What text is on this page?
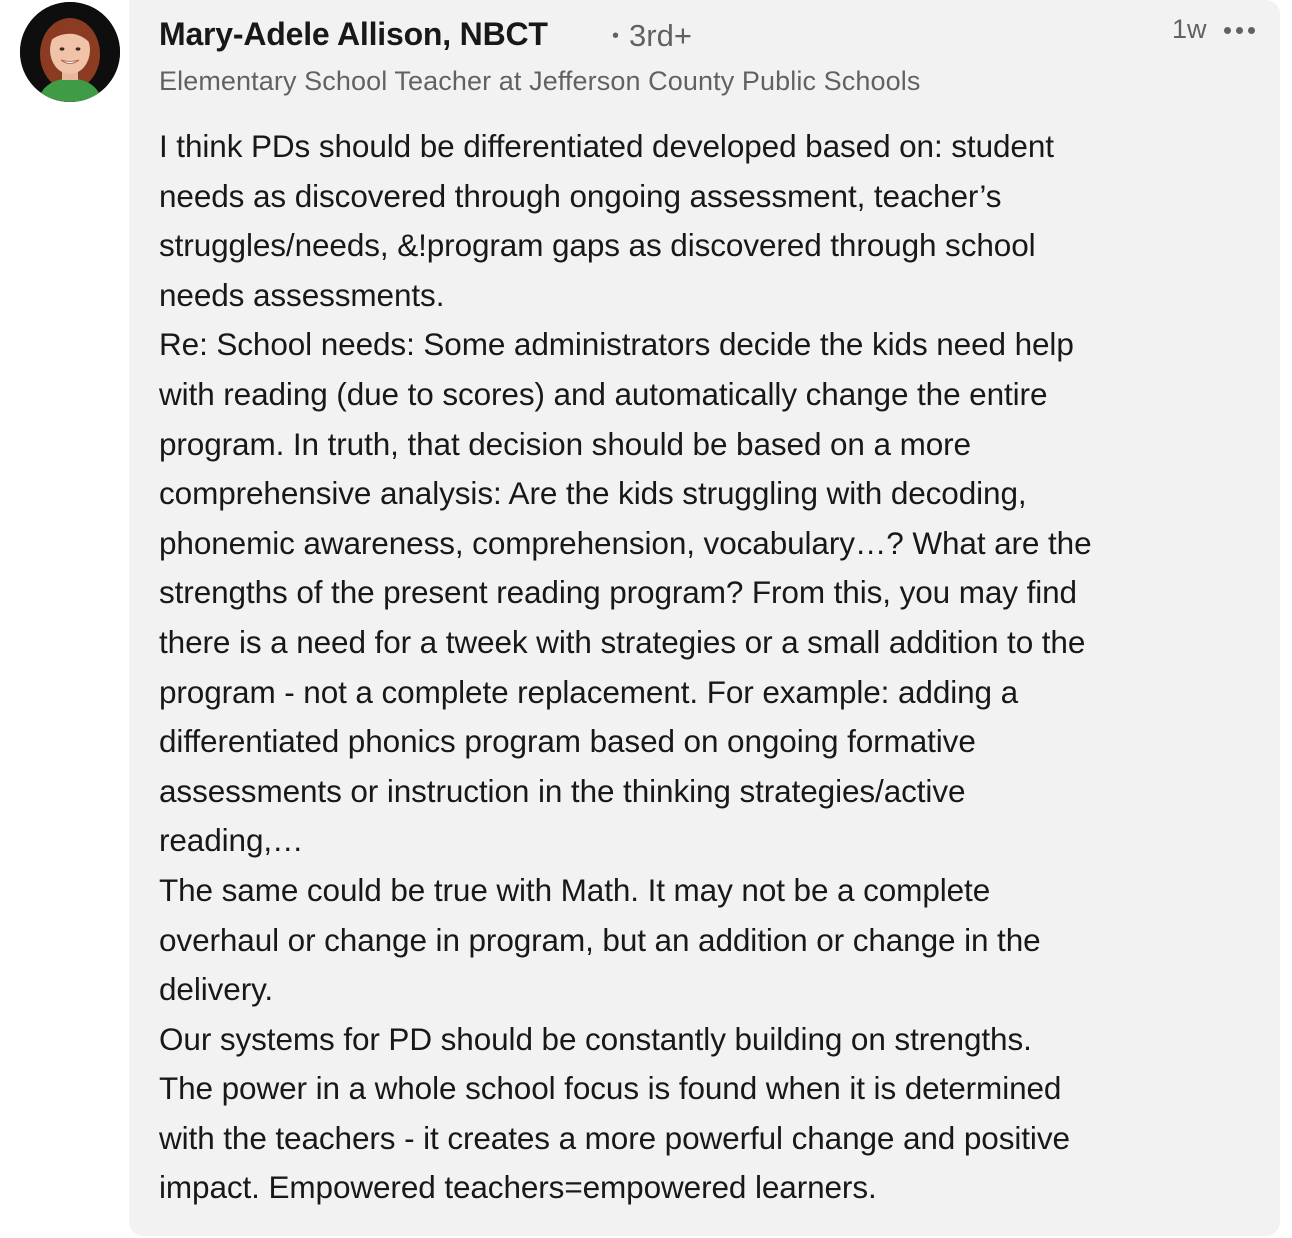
Mary-Adele Allison, NBCT	• 3rd+
Elementary School Teacher at Jefferson County Public Schools
1w
I think PDs should be differentiated developed based on: student
needs as discovered through ongoing assessment, teacher’s
struggles/needs, &!program gaps as discovered through school
needs assessments.
Re: School needs: Some administrators decide the kids need help
with reading (due to scores) and automatically change the entire
program. In truth, that decision should be based on a more
comprehensive analysis: Are the kids struggling with decoding,
phonemic awareness, comprehension, vocabulary…? What are the
strengths of the present reading program? From this, you may find
there is a need for a tweek with strategies or a small addition to the
program - not a complete replacement. For example: adding a
differentiated phonics program based on ongoing formative
assessments or instruction in the thinking strategies/active
reading,…
The same could be true with Math. It may not be a complete
overhaul or change in program, but an addition or change in the
delivery.
Our systems for PD should be constantly building on strengths.
The power in a whole school focus is found when it is determined
with the teachers - it creates a more powerful change and positive
impact. Empowered teachers=empowered learners.
